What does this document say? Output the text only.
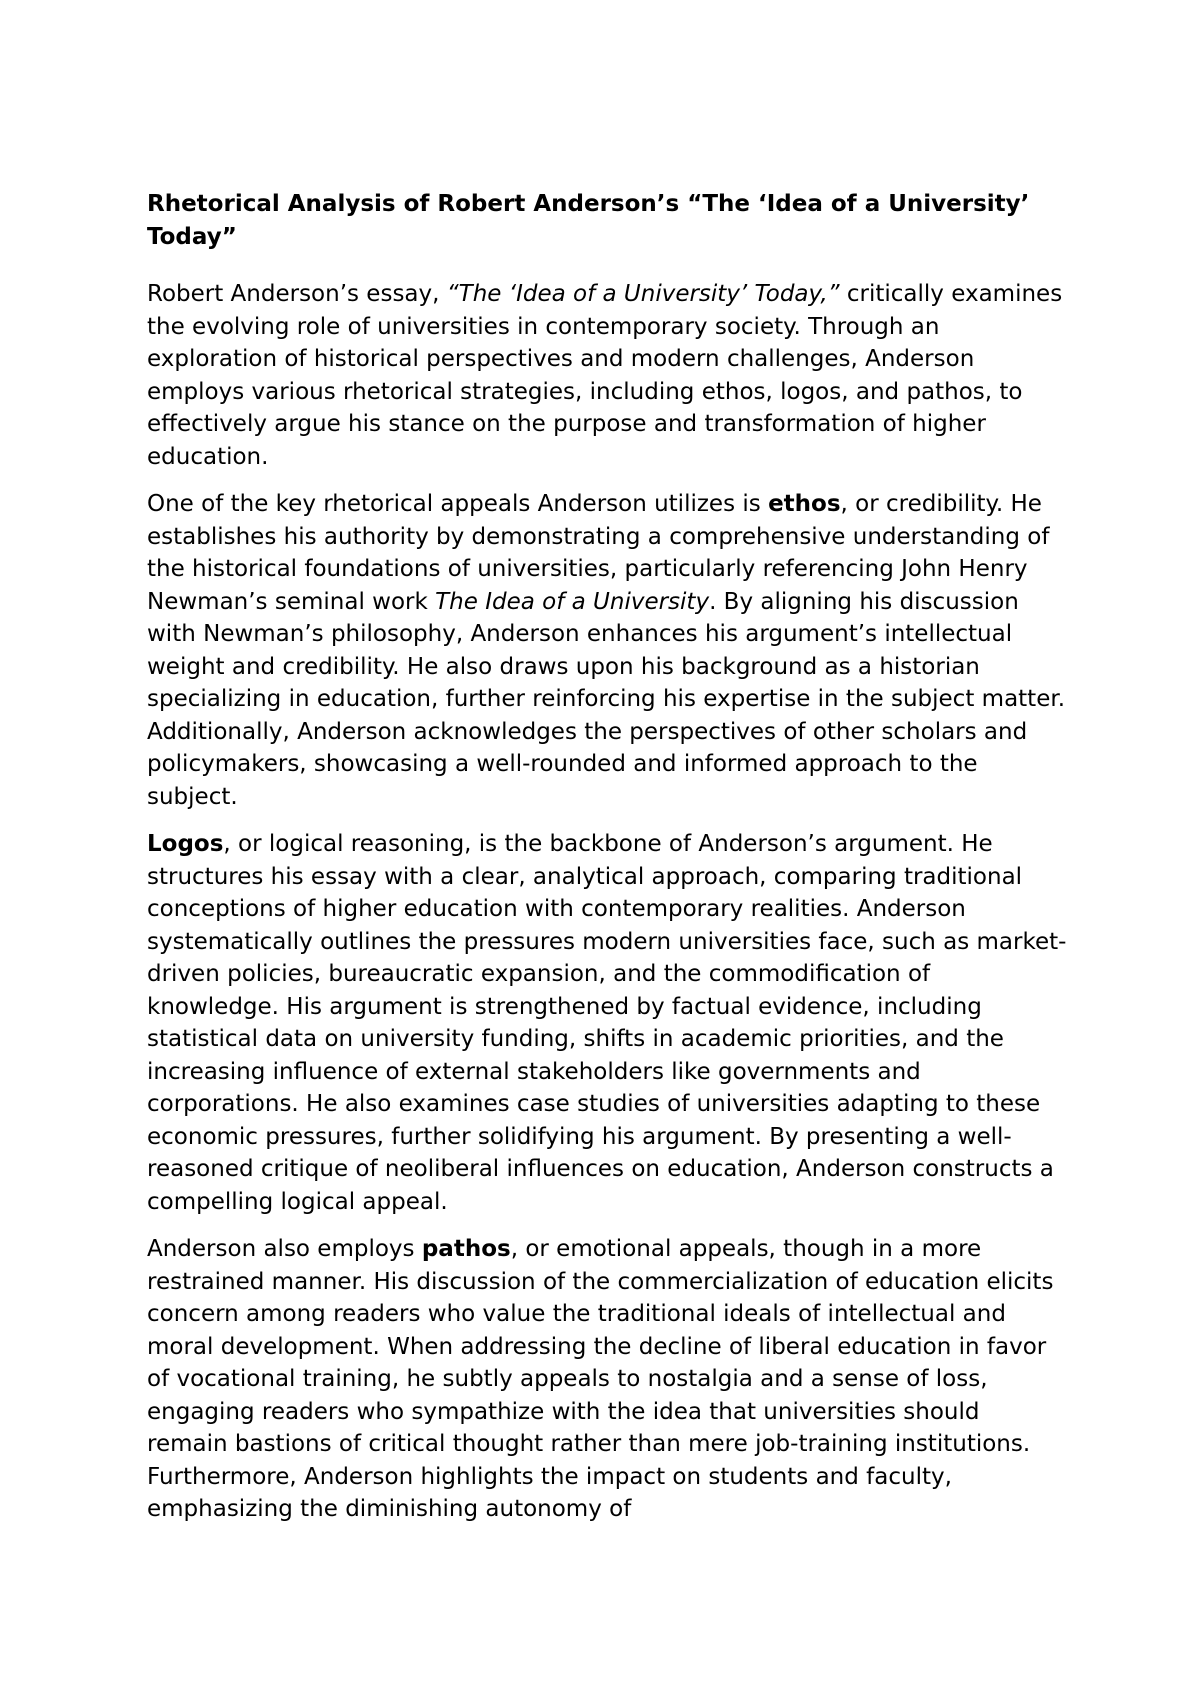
Rhetorical Analysis of Robert Anderson’s “The ‘Idea of a University’ Today”

Robert Anderson’s essay, “The ‘Idea of a University’ Today,” critically examines the evolving role of universities in contemporary society. Through an exploration of historical perspectives and modern challenges, Anderson employs various rhetorical strategies, including ethos, logos, and pathos, to effectively argue his stance on the purpose and transformation of higher education.

One of the key rhetorical appeals Anderson utilizes is ethos, or credibility. He establishes his authority by demonstrating a comprehensive understanding of the historical foundations of universities, particularly referencing John Henry Newman’s seminal work The Idea of a University. By aligning his discussion with Newman’s philosophy, Anderson enhances his argument’s intellectual weight and credibility. He also draws upon his background as a historian specializing in education, further reinforcing his expertise in the subject matter. Additionally, Anderson acknowledges the perspectives of other scholars and policymakers, showcasing a well-rounded and informed approach to the subject.

Logos, or logical reasoning, is the backbone of Anderson’s argument. He structures his essay with a clear, analytical approach, comparing traditional conceptions of higher education with contemporary realities. Anderson systematically outlines the pressures modern universities face, such as market-driven policies, bureaucratic expansion, and the commodification of knowledge. His argument is strengthened by factual evidence, including statistical data on university funding, shifts in academic priorities, and the increasing influence of external stakeholders like governments and corporations. He also examines case studies of universities adapting to these economic pressures, further solidifying his argument. By presenting a well-reasoned critique of neoliberal influences on education, Anderson constructs a compelling logical appeal.

Anderson also employs pathos, or emotional appeals, though in a more restrained manner. His discussion of the commercialization of education elicits concern among readers who value the traditional ideals of intellectual and moral development. When addressing the decline of liberal education in favor of vocational training, he subtly appeals to nostalgia and a sense of loss, engaging readers who sympathize with the idea that universities should remain bastions of critical thought rather than mere job-training institutions. Furthermore, Anderson highlights the impact on students and faculty, emphasizing the diminishing autonomy of
